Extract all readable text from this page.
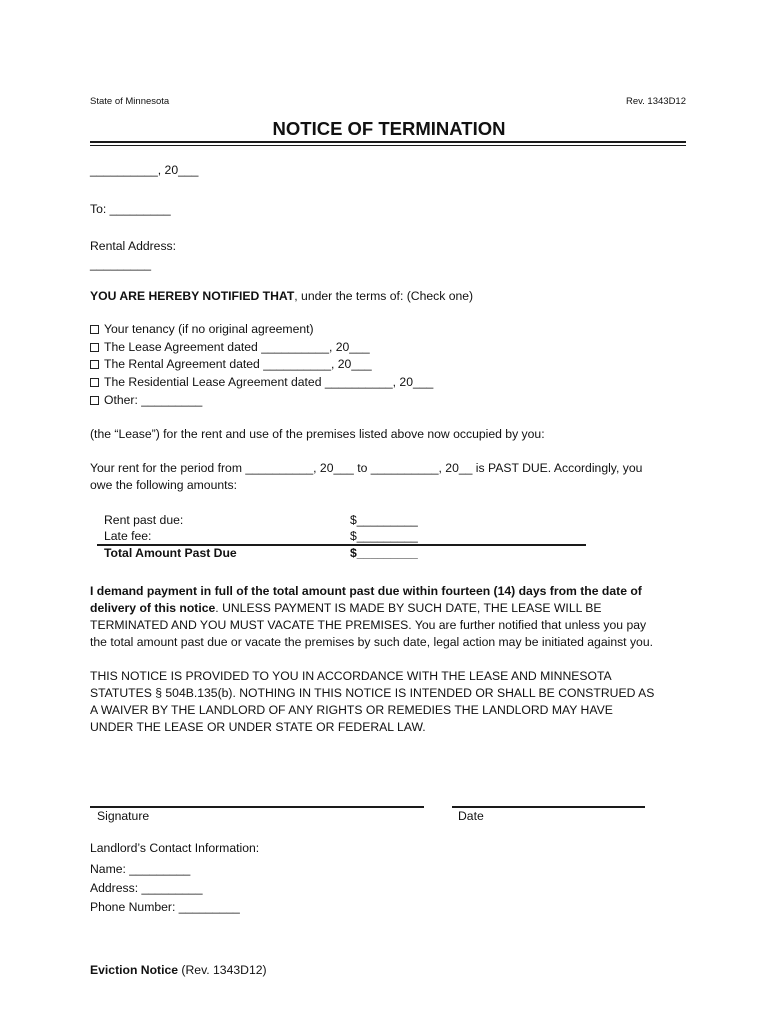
State of Minnesota	Rev. 1343D12
NOTICE OF TERMINATION
__________, 20___
To: _________
Rental Address:
_________
YOU ARE HEREBY NOTIFIED THAT, under the terms of: (Check one)
Your tenancy (if no original agreement)
The Lease Agreement dated __________, 20___
The Rental Agreement dated __________, 20___
The Residential Lease Agreement dated __________, 20___
Other: _________
(the “Lease”) for the rent and use of the premises listed above now occupied by you:
Your rent for the period from __________, 20___ to __________, 20__ is PAST DUE. Accordingly, you
owe the following amounts:
Rent past due:	$_________
Late fee:	$_________
Total Amount Past Due	$_________
I demand payment in full of the total amount past due within fourteen (14) days from the date of
delivery of this notice. UNLESS PAYMENT IS MADE BY SUCH DATE, THE LEASE WILL BE
TERMINATED AND YOU MUST VACATE THE PREMISES. You are further notified that unless you pay
the total amount past due or vacate the premises by such date, legal action may be initiated against you.
THIS NOTICE IS PROVIDED TO YOU IN ACCORDANCE WITH THE LEASE AND MINNESOTA
STATUTES § 504B.135(b). NOTHING IN THIS NOTICE IS INTENDED OR SHALL BE CONSTRUED AS
A WAIVER BY THE LANDLORD OF ANY RIGHTS OR REMEDIES THE LANDLORD MAY HAVE
UNDER THE LEASE OR UNDER STATE OR FEDERAL LAW.
Signature	Date
Landlord’s Contact Information:
Name: _________
Address: _________
Phone Number: _________
Eviction Notice (Rev. 1343D12)
